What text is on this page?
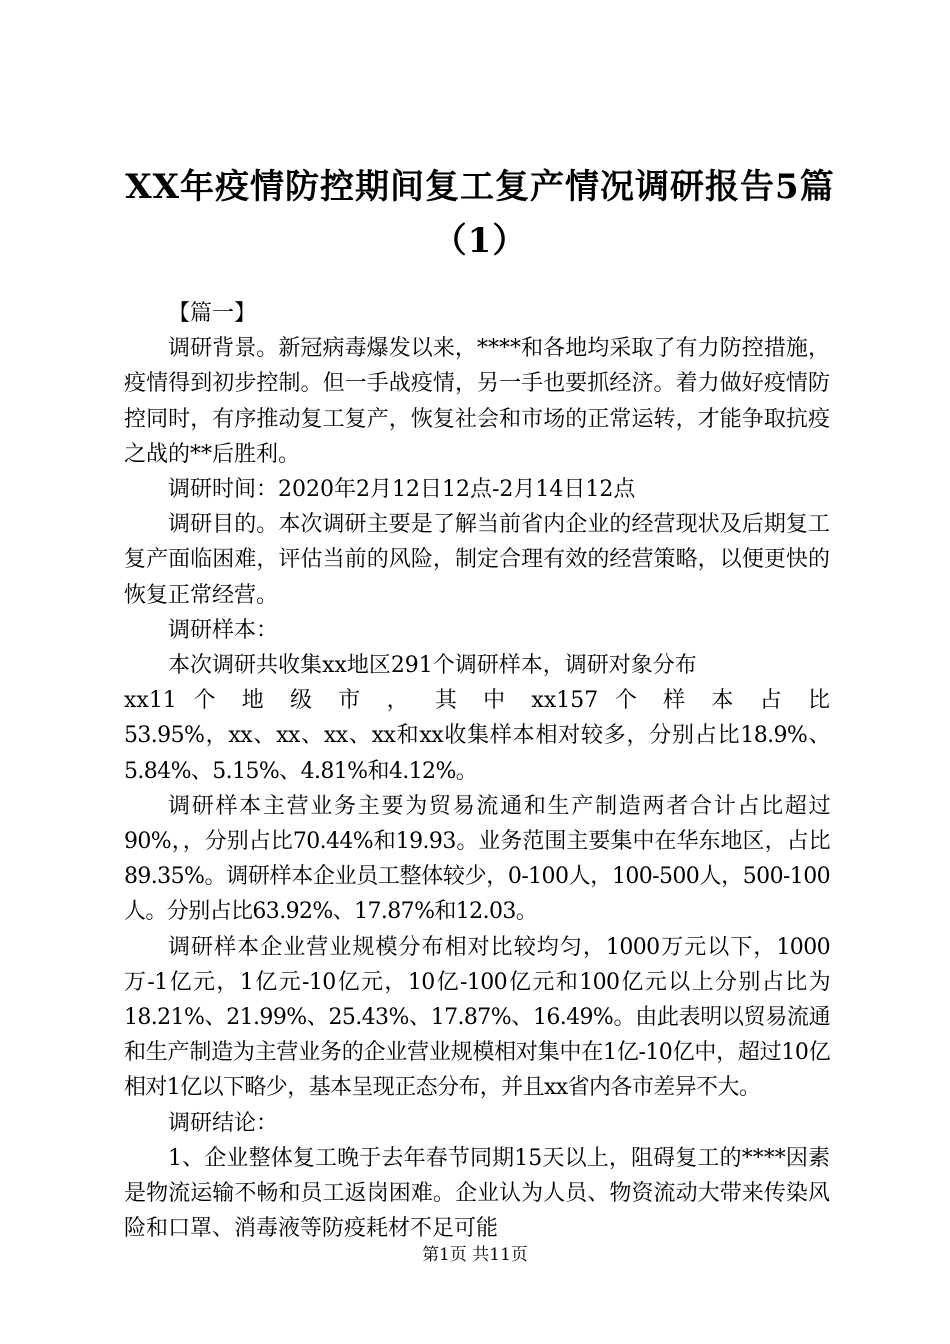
XX年疫情防控期间复工复产情况调研报告5篇
（1）

【篇一】

调研背景。新冠病毒爆发以来，****和各地均采取了有力防控措施，疫情得到初步控制。但一手战疫情，另一手也要抓经济。着力做好疫情防控同时，有序推动复工复产，恢复社会和市场的正常运转，才能争取抗疫之战的**后胜利。

调研时间：2020年2月12日12点-2月14日12点

调研目的。本次调研主要是了解当前省内企业的经营现状及后期复工复产面临困难，评估当前的风险，制定合理有效的经营策略，以便更快的恢复正常经营。

调研样本：

本次调研共收集xx地区291个调研样本，调研对象分布

xx11 个 地 级 市 ， 其 中 xx157 个 样 本 占 比

53.95%，xx、xx、xx、xx和xx收集样本相对较多，分别占比18.9%、5.84%、5.15%、4.81%和4.12%。

调研样本主营业务主要为贸易流通和生产制造两者合计占比超过90%，，分别占比70.44%和19.93。业务范围主要集中在华东地区，占比89.35%。调研样本企业员工整体较少，0-100人，100-500人，500-100人。分别占比63.92%、17.87%和12.03。

调研样本企业营业规模分布相对比较均匀，1000万元以下，1000万-1亿元，1亿元-10亿元，10亿-100亿元和100亿元以上分别占比为18.21%、21.99%、25.43%、17.87%、16.49%。由此表明以贸易流通和生产制造为主营业务的企业营业规模相对集中在1亿-10亿中，超过10亿相对1亿以下略少，基本呈现正态分布，并且xx省内各市差异不大。

调研结论：

1、企业整体复工晚于去年春节同期15天以上，阻碍复工的****因素是物流运输不畅和员工返岗困难。企业认为人员、物资流动大带来传染风险和口罩、消毒液等防疫耗材不足可能

第1页 共11页
